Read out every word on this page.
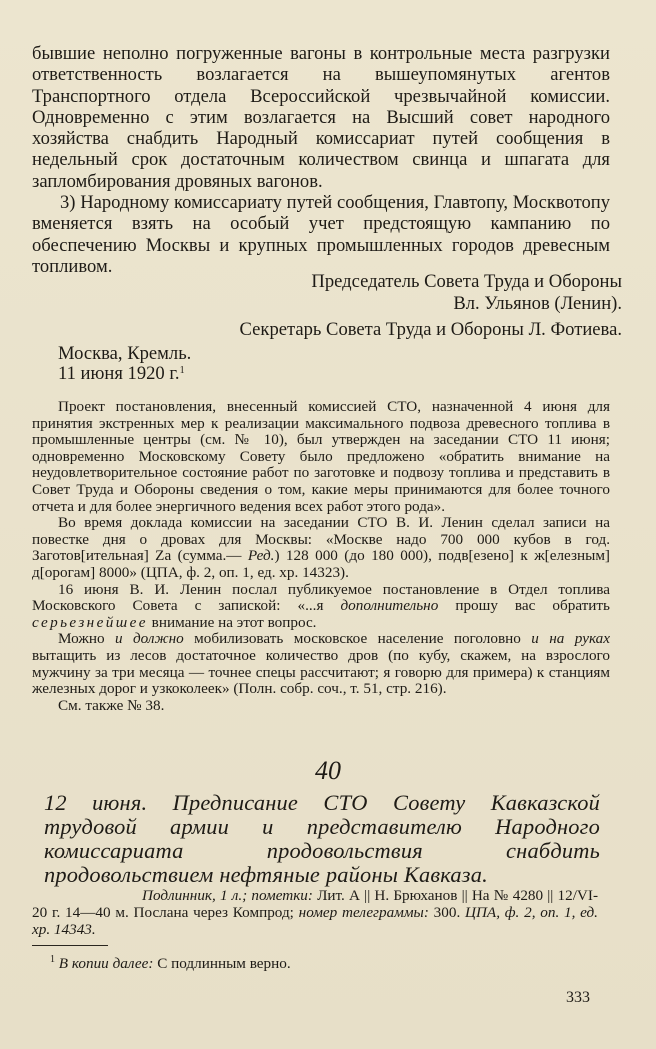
бывшие неполно погруженные вагоны в контрольные места разгрузки ответственность возлагается на вышеупомянутых агентов Транспортного отдела Всероссийской чрезвычайной комиссии. Одновременно с этим возлагается на Высший совет народного хозяйства снабдить Народный комиссариат путей сообщения в недельный срок достаточным количеством свинца и шпагата для запломбирования дровяных вагонов.

3) Народному комиссариату путей сообщения, Главтопу, Москвотопу вменяется взять на особый учет предстоящую кампанию по обеспечению Москвы и крупных промышленных городов древесным топливом.

Председатель Совета Труда и Обороны
Вл. Ульянов (Ленин).
Секретарь Совета Труда и Обороны Л. Фотиева.
Москва, Кремль.
11 июня 1920 г.$^1$

Проект постановления, внесенный комиссией СТО, назначенной 4 июня для принятия экстренных мер к реализации максимального подвоза древесного топлива в промышленные центры (см. № 10), был утвержден на заседании СТО 11 июня; одновременно Московскому Совету было предложено «обратить внимание на неудовлетворительное состояние работ по заготовке и подвозу топлива и представить в Совет Труда и Обороны сведения о том, какие меры принимаются для более точного отчета и для более энергичного ведения всех работ этого рода».

Во время доклада комиссии на заседании СТО В. И. Ленин сделал записи на повестке дня о дровах для Москвы: «Москве надо 700 000 кубов в год. Заготов[ительная] Za (сумма.— Ред.) 128 000 (до 180 000), подв[езено] к ж[елезным] д[орогам] 8000» (ЦПА, ф. 2, оп. 1, ед. хр. 14323).

16 июня В. И. Ленин послал публикуемое постановление в Отдел топлива Московского Совета с запиской: «...я дополнительно прошу вас обратить серьезнейшее внимание на этот вопрос.

Можно и должно мобилизовать московское население поголовно и на руках вытащить из лесов достаточное количество дров (по кубу, скажем, на взрослого мужчину за три месяца — точнее спецы рассчитают; я говорю для примера) к станциям железных дорог и узкоколеек» (Полн. собр. соч., т. 51, стр. 216).

См. также № 38.

40
12 июня. Предписание СТО Совету Кавказской трудовой армии и представителю Народного комиссариата продовольствия снабдить продовольствием нефтяные районы Кавказа.
Подлинник, 1 л.; пометки: Лит. А || Н. Брюханов || На № 4280 || 12/VI-20 г. 14—40 м. Послана через Компрод; номер телеграммы: 300. ЦПА, ф. 2, оп. 1, ед. хр. 14343.
$^1$ В копии далее: С подлинным верно.
333
